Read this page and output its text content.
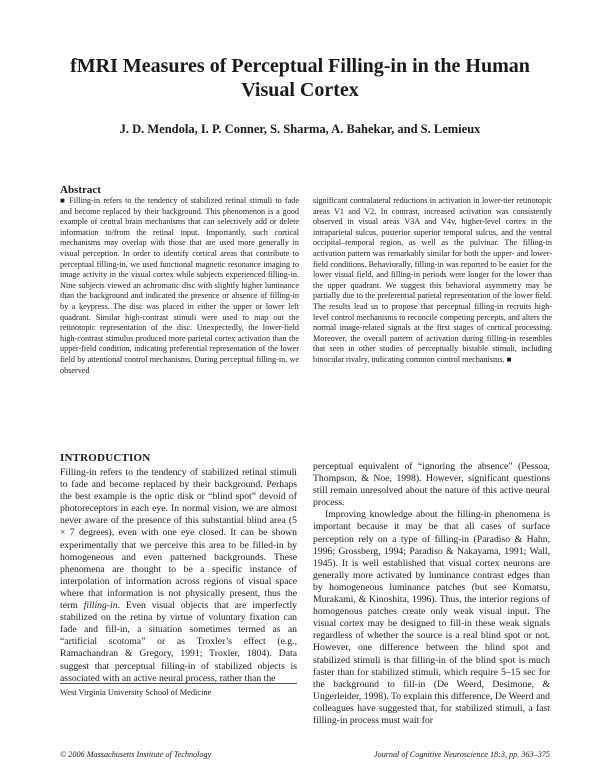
fMRI Measures of Perceptual Filling-in in the Human Visual Cortex
J. D. Mendola, I. P. Conner, S. Sharma, A. Bahekar, and S. Lemieux
Abstract
■ Filling-in refers to the tendency of stabilized retinal stimuli to fade and become replaced by their background. This phenomenon is a good example of central brain mechanisms that can selectively add or delete information to/from the retinal input. Importantly, such cortical mechanisms may overlap with those that are used more generally in visual perception. In order to identify cortical areas that contribute to perceptual filling-in, we used functional magnetic resonance imaging to image activity in the visual cortex while subjects experienced filling-in. Nine subjects viewed an achromatic disc with slightly higher luminance than the background and indicated the presence or absence of filling-in by a keypress. The disc was placed in either the upper or lower left quadrant. Similar high-contrast stimuli were used to map out the retinotopic representation of the disc. Unexpectedly, the lower-field high-contrast stimulus produced more parietal cortex activation than the upper-field condition, indicating preferential representation of the lower field by attentional control mechanisms. During perceptual filling-in, we observed
significant contralateral reductions in activation in lower-tier retinotopic areas V1 and V2. In contrast, increased activation was consistently observed in visual areas V3A and V4v, higher-level cortex in the intraparietal sulcus, posterior superior temporal sulcus, and the ventral occipital–temporal region, as well as the pulvinar. The filling-in activation pattern was remarkably similar for both the upper- and lower-field conditions. Behaviorally, filling-in was reported to be easier for the lower visual field, and filling-in periods were longer for the lower than the upper quadrant. We suggest this behavioral asymmetry may be partially due to the preferential parietal representation of the lower field. The results lead us to propose that perceptual filling-in recruits high-level control mechanisms to reconcile competing percepts, and alters the normal image-related signals at the first stages of cortical processing. Moreover, the overall pattern of activation during filling-in resembles that seen in other studies of perceptually bistable stimuli, including binocular rivalry, indicating common control mechanisms. ■
INTRODUCTION

Filling-in refers to the tendency of stabilized retinal stimuli to fade and become replaced by their background. Perhaps the best example is the optic disk or “blind spot” devoid of photoreceptors in each eye. In normal vision, we are almost never aware of the presence of this substantial blind area (5 × 7 degrees), even with one eye closed. It can be shown experimentally that we perceive this area to be filled-in by homogeneous and even patterned backgrounds. These phenomena are thought to be a specific instance of interpolation of information across regions of visual space where that information is not physically present, thus the term filling-in. Even visual objects that are imperfectly stabilized on the retina by virtue of voluntary fixation can fade and fill-in, a situation sometimes termed as an “artificial scotoma” or as Troxler’s effect (e.g., Ramachandran & Gregory, 1991; Troxler, 1804). Data suggest that perceptual filling-in of stabilized objects is associated with an active neural process, rather than the

perceptual equivalent of “ignoring the absence” (Pessoa, Thompson, & Noe, 1998). However, significant questions still remain unresolved about the nature of this active neural process.

Improving knowledge about the filling-in phenomena is important because it may be that all cases of surface perception rely on a type of filling-in (Paradiso & Hahn, 1996; Grossberg, 1994; Paradiso & Nakayama, 1991; Wall, 1945). It is well established that visual cortex neurons are generally more activated by luminance contrast edges than by homogeneous luminance patches (but see Komatsu, Murakami, & Kinoshita, 1996). Thus, the interior regions of homogenous patches create only weak visual input. The visual cortex may be designed to fill-in these weak signals regardless of whether the source is a real blind spot or not. However, one difference between the blind spot and stabilized stimuli is that filling-in of the blind spot is much faster than for stabilized stimuli, which require 5–15 sec for the background to fill-in (De Weerd, Desimone, & Ungerleider, 1998). To explain this difference, De Weerd and colleagues have suggested that, for stabilized stimuli, a fast filling-in process must wait for

West Virginia University School of Medicine
© 2006 Massachusetts Institute of Technology	Journal of Cognitive Neuroscience 18:3, pp. 363–375
